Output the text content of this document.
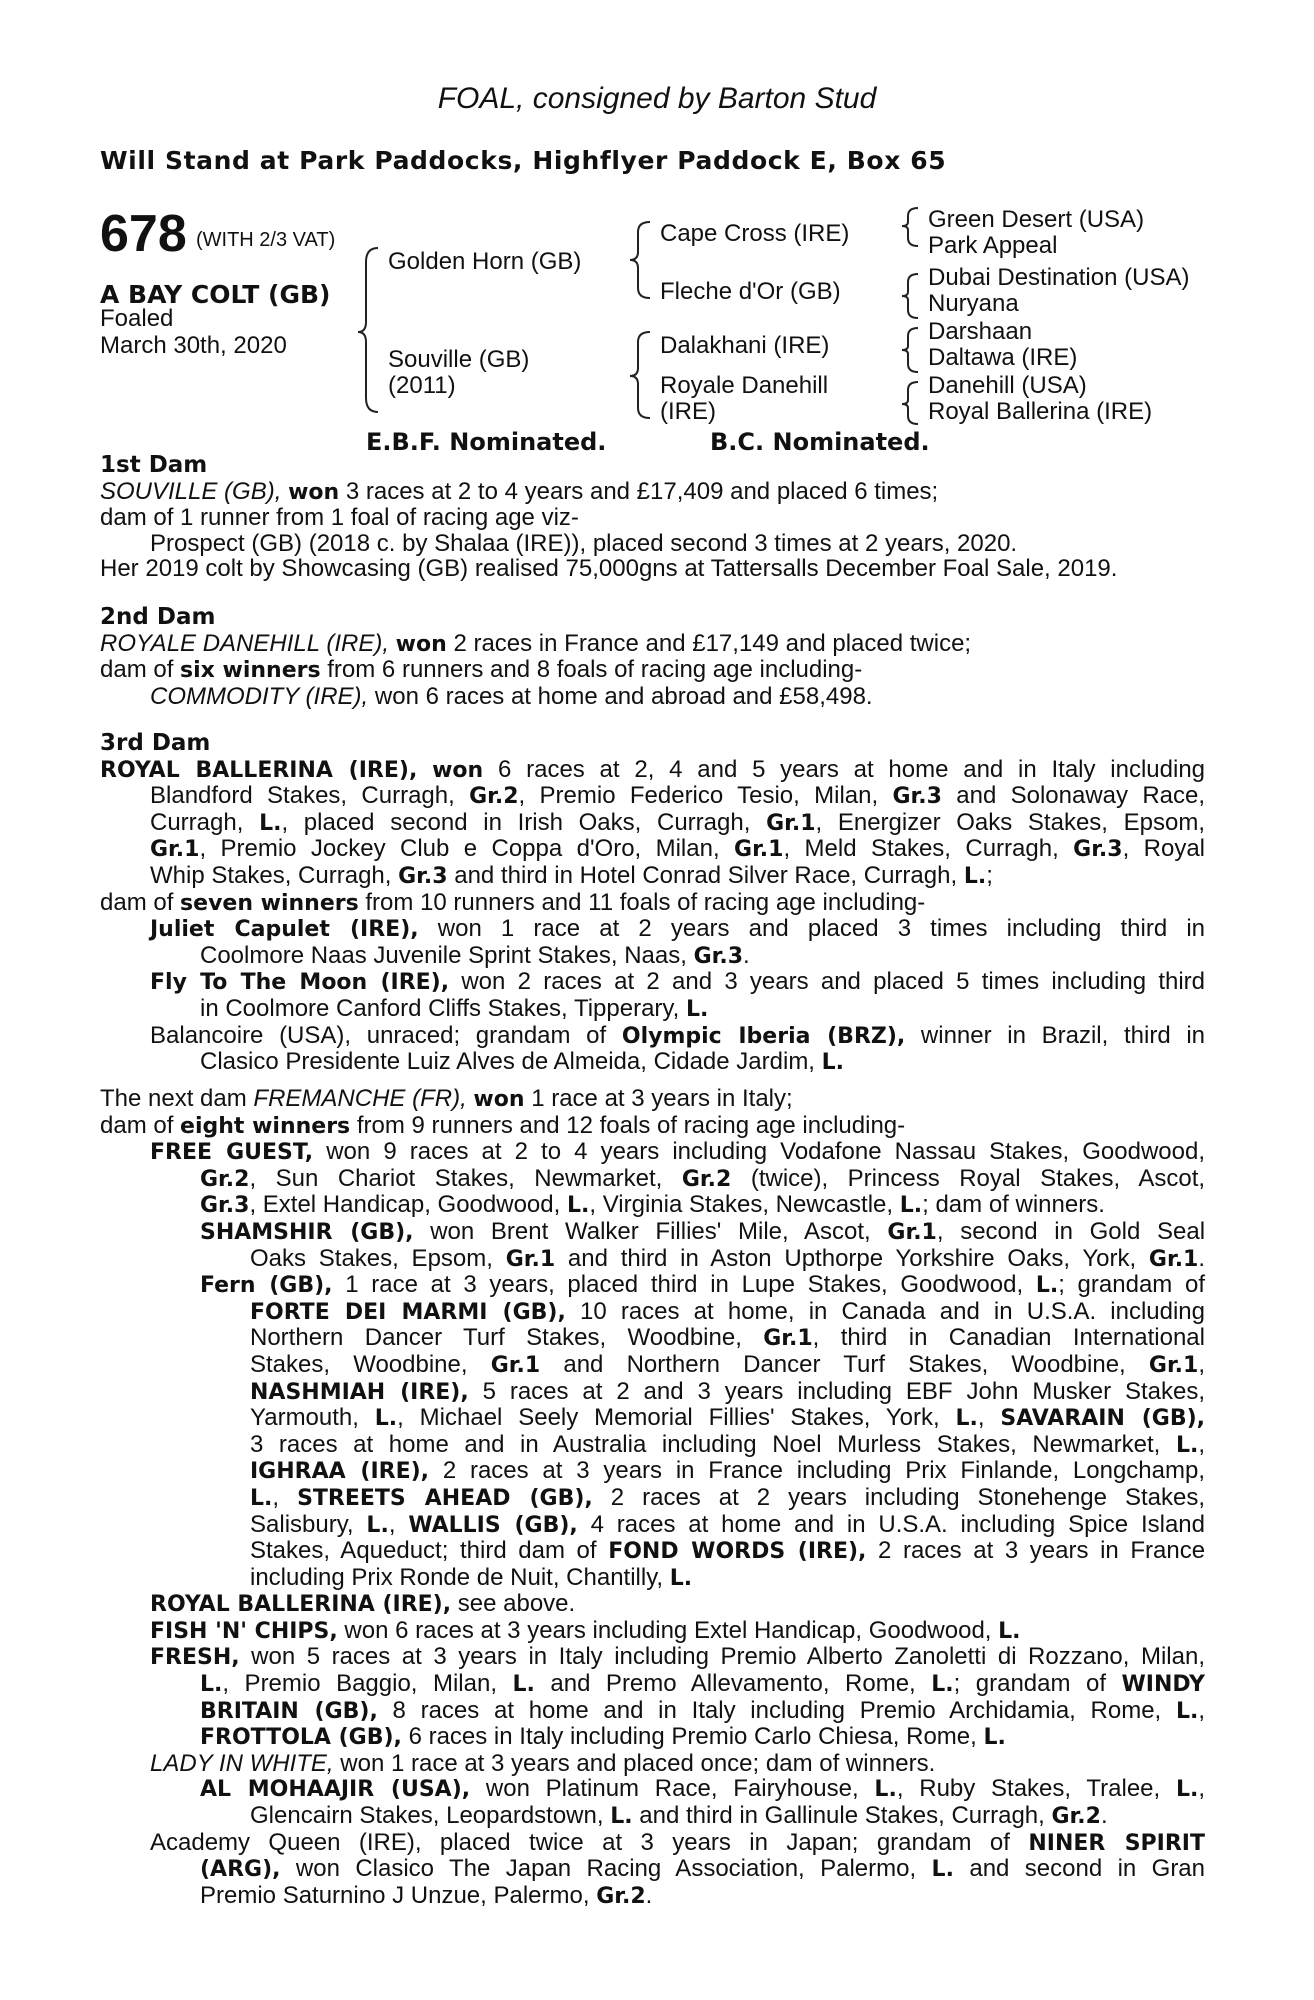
FOAL, consigned by Barton Stud
Will Stand at Park Paddocks, Highflyer Paddock E, Box 65
678 (WITH 2/3 VAT)
A BAY COLT (GB)
Foaled
March 30th, 2020
Golden Horn (GB)
Souville (GB)
(2011)
Cape Cross (IRE)
Fleche d'Or (GB)
Dalakhani (IRE)
Royale Danehill
(IRE)
Green Desert (USA)
Park Appeal
Dubai Destination (USA)
Nuryana
Darshaan
Daltawa (IRE)
Danehill (USA)
Royal Ballerina (IRE)
E.B.F. Nominated.	B.C. Nominated.
1st Dam
SOUVILLE (GB), won 3 races at 2 to 4 years and £17,409 and placed 6 times;
dam of 1 runner from 1 foal of racing age viz-
Prospect (GB) (2018 c. by Shalaa (IRE)), placed second 3 times at 2 years, 2020.
Her 2019 colt by Showcasing (GB) realised 75,000gns at Tattersalls December Foal Sale, 2019.
2nd Dam
ROYALE DANEHILL (IRE), won 2 races in France and £17,149 and placed twice;
dam of six winners from 6 runners and 8 foals of racing age including-
COMMODITY (IRE), won 6 races at home and abroad and £58,498.
3rd Dam
ROYAL BALLERINA (IRE), won 6 races at 2, 4 and 5 years at home and in Italy including
Blandford Stakes, Curragh, Gr.2, Premio Federico Tesio, Milan, Gr.3 and Solonaway Race,
Curragh, L., placed second in Irish Oaks, Curragh, Gr.1, Energizer Oaks Stakes, Epsom,
Gr.1, Premio Jockey Club e Coppa d'Oro, Milan, Gr.1, Meld Stakes, Curragh, Gr.3, Royal
Whip Stakes, Curragh, Gr.3 and third in Hotel Conrad Silver Race, Curragh, L.;
dam of seven winners from 10 runners and 11 foals of racing age including-
Juliet Capulet (IRE), won 1 race at 2 years and placed 3 times including third in
Coolmore Naas Juvenile Sprint Stakes, Naas, Gr.3.
Fly To The Moon (IRE), won 2 races at 2 and 3 years and placed 5 times including third
in Coolmore Canford Cliffs Stakes, Tipperary, L.
Balancoire (USA), unraced; grandam of Olympic Iberia (BRZ), winner in Brazil, third in
Clasico Presidente Luiz Alves de Almeida, Cidade Jardim, L.
The next dam FREMANCHE (FR), won 1 race at 3 years in Italy;
dam of eight winners from 9 runners and 12 foals of racing age including-
FREE GUEST, won 9 races at 2 to 4 years including Vodafone Nassau Stakes, Goodwood,
Gr.2, Sun Chariot Stakes, Newmarket, Gr.2 (twice), Princess Royal Stakes, Ascot,
Gr.3, Extel Handicap, Goodwood, L., Virginia Stakes, Newcastle, L.; dam of winners.
SHAMSHIR (GB), won Brent Walker Fillies' Mile, Ascot, Gr.1, second in Gold Seal
Oaks Stakes, Epsom, Gr.1 and third in Aston Upthorpe Yorkshire Oaks, York, Gr.1.
Fern (GB), 1 race at 3 years, placed third in Lupe Stakes, Goodwood, L.; grandam of
FORTE DEI MARMI (GB), 10 races at home, in Canada and in U.S.A. including
Northern Dancer Turf Stakes, Woodbine, Gr.1, third in Canadian International
Stakes, Woodbine, Gr.1 and Northern Dancer Turf Stakes, Woodbine, Gr.1,
NASHMIAH (IRE), 5 races at 2 and 3 years including EBF John Musker Stakes,
Yarmouth, L., Michael Seely Memorial Fillies' Stakes, York, L., SAVARAIN (GB),
3 races at home and in Australia including Noel Murless Stakes, Newmarket, L.,
IGHRAA (IRE), 2 races at 3 years in France including Prix Finlande, Longchamp,
L., STREETS AHEAD (GB), 2 races at 2 years including Stonehenge Stakes,
Salisbury, L., WALLIS (GB), 4 races at home and in U.S.A. including Spice Island
Stakes, Aqueduct; third dam of FOND WORDS (IRE), 2 races at 3 years in France
including Prix Ronde de Nuit, Chantilly, L.
ROYAL BALLERINA (IRE), see above.
FISH 'N' CHIPS, won 6 races at 3 years including Extel Handicap, Goodwood, L.
FRESH, won 5 races at 3 years in Italy including Premio Alberto Zanoletti di Rozzano, Milan,
L., Premio Baggio, Milan, L. and Premo Allevamento, Rome, L.; grandam of WINDY
BRITAIN (GB), 8 races at home and in Italy including Premio Archidamia, Rome, L.,
FROTTOLA (GB), 6 races in Italy including Premio Carlo Chiesa, Rome, L.
LADY IN WHITE, won 1 race at 3 years and placed once; dam of winners.
AL MOHAAJIR (USA), won Platinum Race, Fairyhouse, L., Ruby Stakes, Tralee, L.,
Glencairn Stakes, Leopardstown, L. and third in Gallinule Stakes, Curragh, Gr.2.
Academy Queen (IRE), placed twice at 3 years in Japan; grandam of NINER SPIRIT
(ARG), won Clasico The Japan Racing Association, Palermo, L. and second in Gran
Premio Saturnino J Unzue, Palermo, Gr.2.
